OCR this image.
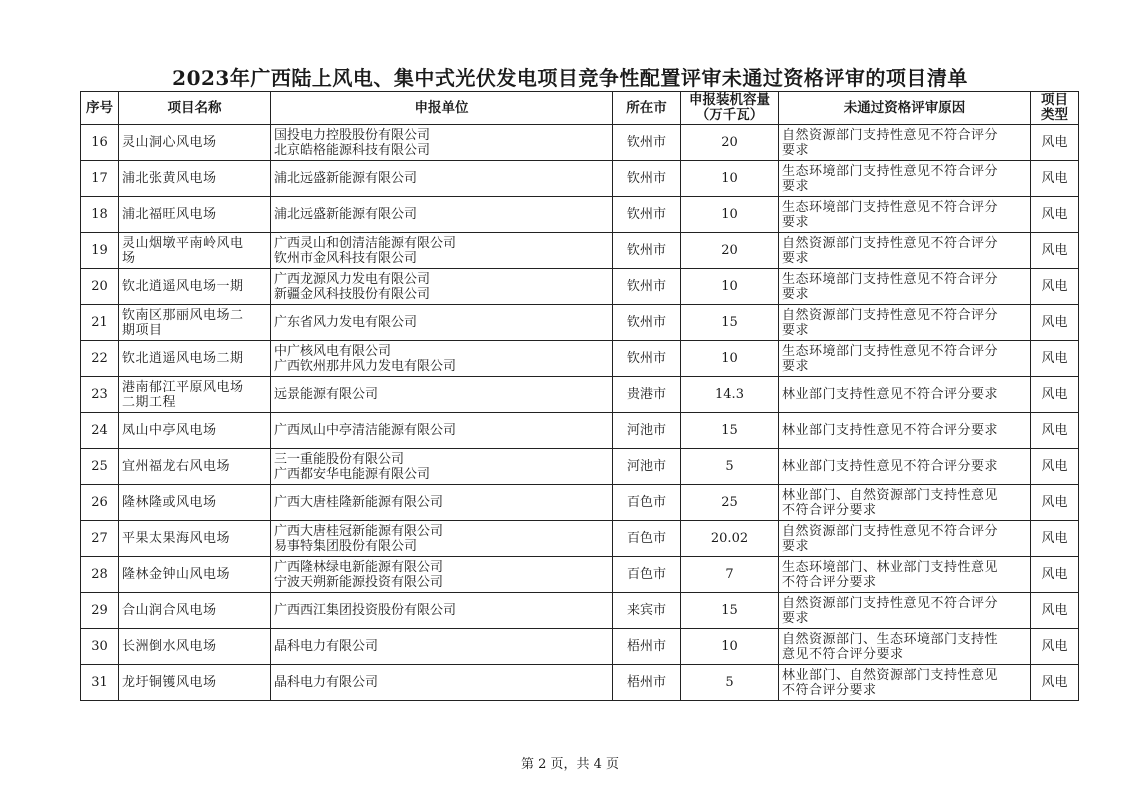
2023年广西陆上风电、集中式光伏发电项目竞争性配置评审未通过资格评审的项目清单
序号	项目名称	申报单位	所在市	申报装机容量
（万千瓦）	未通过资格评审原因	项目
类型

16	灵山洞心风电场	国投电力控股股份有限公司
北京皓格能源科技有限公司	钦州市	20	自然资源部门支持性意见不符合评分
要求	风电
17	浦北张黄风电场	浦北远盛新能源有限公司	钦州市	10	生态环境部门支持性意见不符合评分
要求	风电
18	浦北福旺风电场	浦北远盛新能源有限公司	钦州市	10	生态环境部门支持性意见不符合评分
要求	风电
19	灵山烟墩平南岭风电
场	广西灵山和创清洁能源有限公司
钦州市金风科技有限公司	钦州市	20	自然资源部门支持性意见不符合评分
要求	风电
20	钦北逍遥风电场一期	广西龙源风力发电有限公司
新疆金风科技股份有限公司	钦州市	10	生态环境部门支持性意见不符合评分
要求	风电
21	钦南区那丽风电场二
期项目	广东省风力发电有限公司	钦州市	15	自然资源部门支持性意见不符合评分
要求	风电
22	钦北逍遥风电场二期	中广核风电有限公司
广西钦州那井风力发电有限公司	钦州市	10	生态环境部门支持性意见不符合评分
要求	风电
23	港南郁江平原风电场
二期工程	远景能源有限公司	贵港市	14.3	林业部门支持性意见不符合评分要求	风电
24	凤山中亭风电场	广西凤山中亭清洁能源有限公司	河池市	15	林业部门支持性意见不符合评分要求	风电
25	宜州福龙右风电场	三一重能股份有限公司
广西都安华电能源有限公司	河池市	5	林业部门支持性意见不符合评分要求	风电
26	隆林隆或风电场	广西大唐桂隆新能源有限公司	百色市	25	林业部门、自然资源部门支持性意见
不符合评分要求	风电
27	平果太果海风电场	广西大唐桂冠新能源有限公司
易事特集团股份有限公司	百色市	20.02	自然资源部门支持性意见不符合评分
要求	风电
28	隆林金钟山风电场	广西隆林绿电新能源有限公司
宁波天朔新能源投资有限公司	百色市	7	生态环境部门、林业部门支持性意见
不符合评分要求	风电
29	合山润合风电场	广西西江集团投资股份有限公司	来宾市	15	自然资源部门支持性意见不符合评分
要求	风电
30	长洲倒水风电场	晶科电力有限公司	梧州市	10	自然资源部门、生态环境部门支持性
意见不符合评分要求	风电
31	龙圩铜镬风电场	晶科电力有限公司	梧州市	5	林业部门、自然资源部门支持性意见
不符合评分要求	风电
第 2 页，共 4 页
